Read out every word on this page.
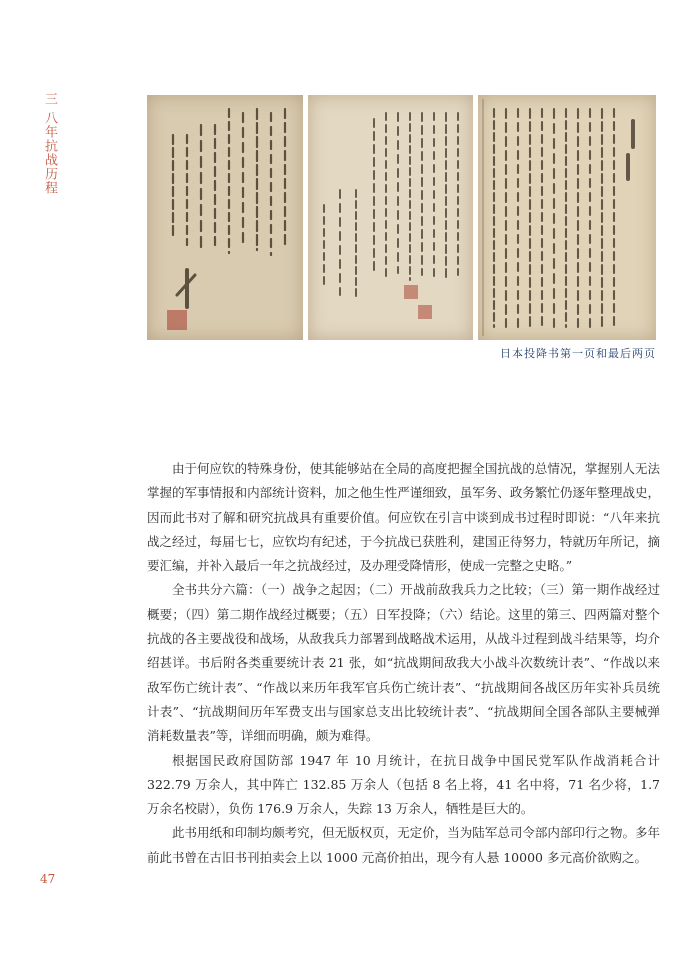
三 八年抗战历程
日本投降书第一页和最后两页

由于何应钦的特殊身份，使其能够站在全局的高度把握全国抗战的总情况，掌握别人无法掌握的军事情报和内部统计资料，加之他生性严谨细致，虽军务、政务繁忙仍逐年整理战史，因而此书对了解和研究抗战具有重要价值。何应钦在引言中谈到成书过程时即说：“八年来抗战之经过，每届七七，应钦均有纪述，于今抗战已获胜利，建国正待努力，特就历年所记，摘要汇编，并补入最后一年之抗战经过，及办理受降情形，使成一完整之史略。”

全书共分六篇：（一）战争之起因；（二）开战前敌我兵力之比较；（三）第一期作战经过概要；（四）第二期作战经过概要；（五）日军投降；（六）结论。这里的第三、四两篇对整个抗战的各主要战役和战场，从敌我兵力部署到战略战术运用，从战斗过程到战斗结果等，均介绍甚详。书后附各类重要统计表 21 张，如“抗战期间敌我大小战斗次数统计表”、“作战以来敌军伤亡统计表”、“作战以来历年我军官兵伤亡统计表”、“抗战期间各战区历年实补兵员统计表”、“抗战期间历年军费支出与国家总支出比较统计表”、“抗战期间全国各部队主要械弹消耗数量表”等，详细而明确，颇为难得。

根据国民政府国防部 1947 年 10 月统计，在抗日战争中国民党军队作战消耗合计 322.79 万余人，其中阵亡 132.85 万余人（包括 8 名上将，41 名中将，71 名少将，1.7 万余名校尉），负伤 176.9 万余人，失踪 13 万余人，牺牲是巨大的。

此书用纸和印制均颇考究，但无版权页，无定价，当为陆军总司令部内部印行之物。多年前此书曾在古旧书刊拍卖会上以 1000 元高价拍出，现今有人悬 10000 多元高价欲购之。

47
